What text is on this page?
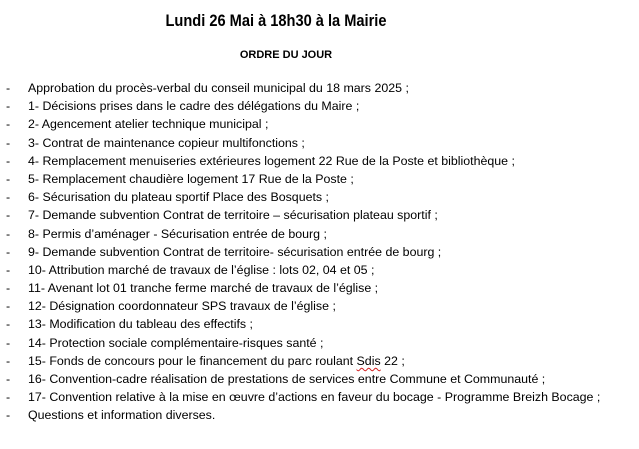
Lundi 26 Mai à 18h30 à la Mairie
ORDRE DU JOUR
- Approbation du procès-verbal du conseil municipal du 18 mars 2025 ;
- 1- Décisions prises dans le cadre des délégations du Maire ;
- 2- Agencement atelier technique municipal ;
- 3- Contrat de maintenance copieur multifonctions ;
- 4- Remplacement menuiseries extérieures logement 22 Rue de la Poste et bibliothèque ;
- 5- Remplacement chaudière logement 17 Rue de la Poste ;
- 6- Sécurisation du plateau sportif Place des Bosquets ;
- 7- Demande subvention Contrat de territoire – sécurisation plateau sportif ;
- 8- Permis d’aménager - Sécurisation entrée de bourg ;
- 9- Demande subvention Contrat de territoire- sécurisation entrée de bourg ;
- 10- Attribution marché de travaux de l’église : lots 02, 04 et 05 ;
- 11- Avenant lot 01 tranche ferme marché de travaux de l’église ;
- 12- Désignation coordonnateur SPS travaux de l’église ;
- 13- Modification du tableau des effectifs ;
- 14- Protection sociale complémentaire-risques santé ;
- 15- Fonds de concours pour le financement du parc roulant Sdis 22 ;
- 16- Convention-cadre réalisation de prestations de services entre Commune et Communauté ;
- 17- Convention relative à la mise en œuvre d’actions en faveur du bocage - Programme Breizh Bocage ;
- Questions et information diverses.
